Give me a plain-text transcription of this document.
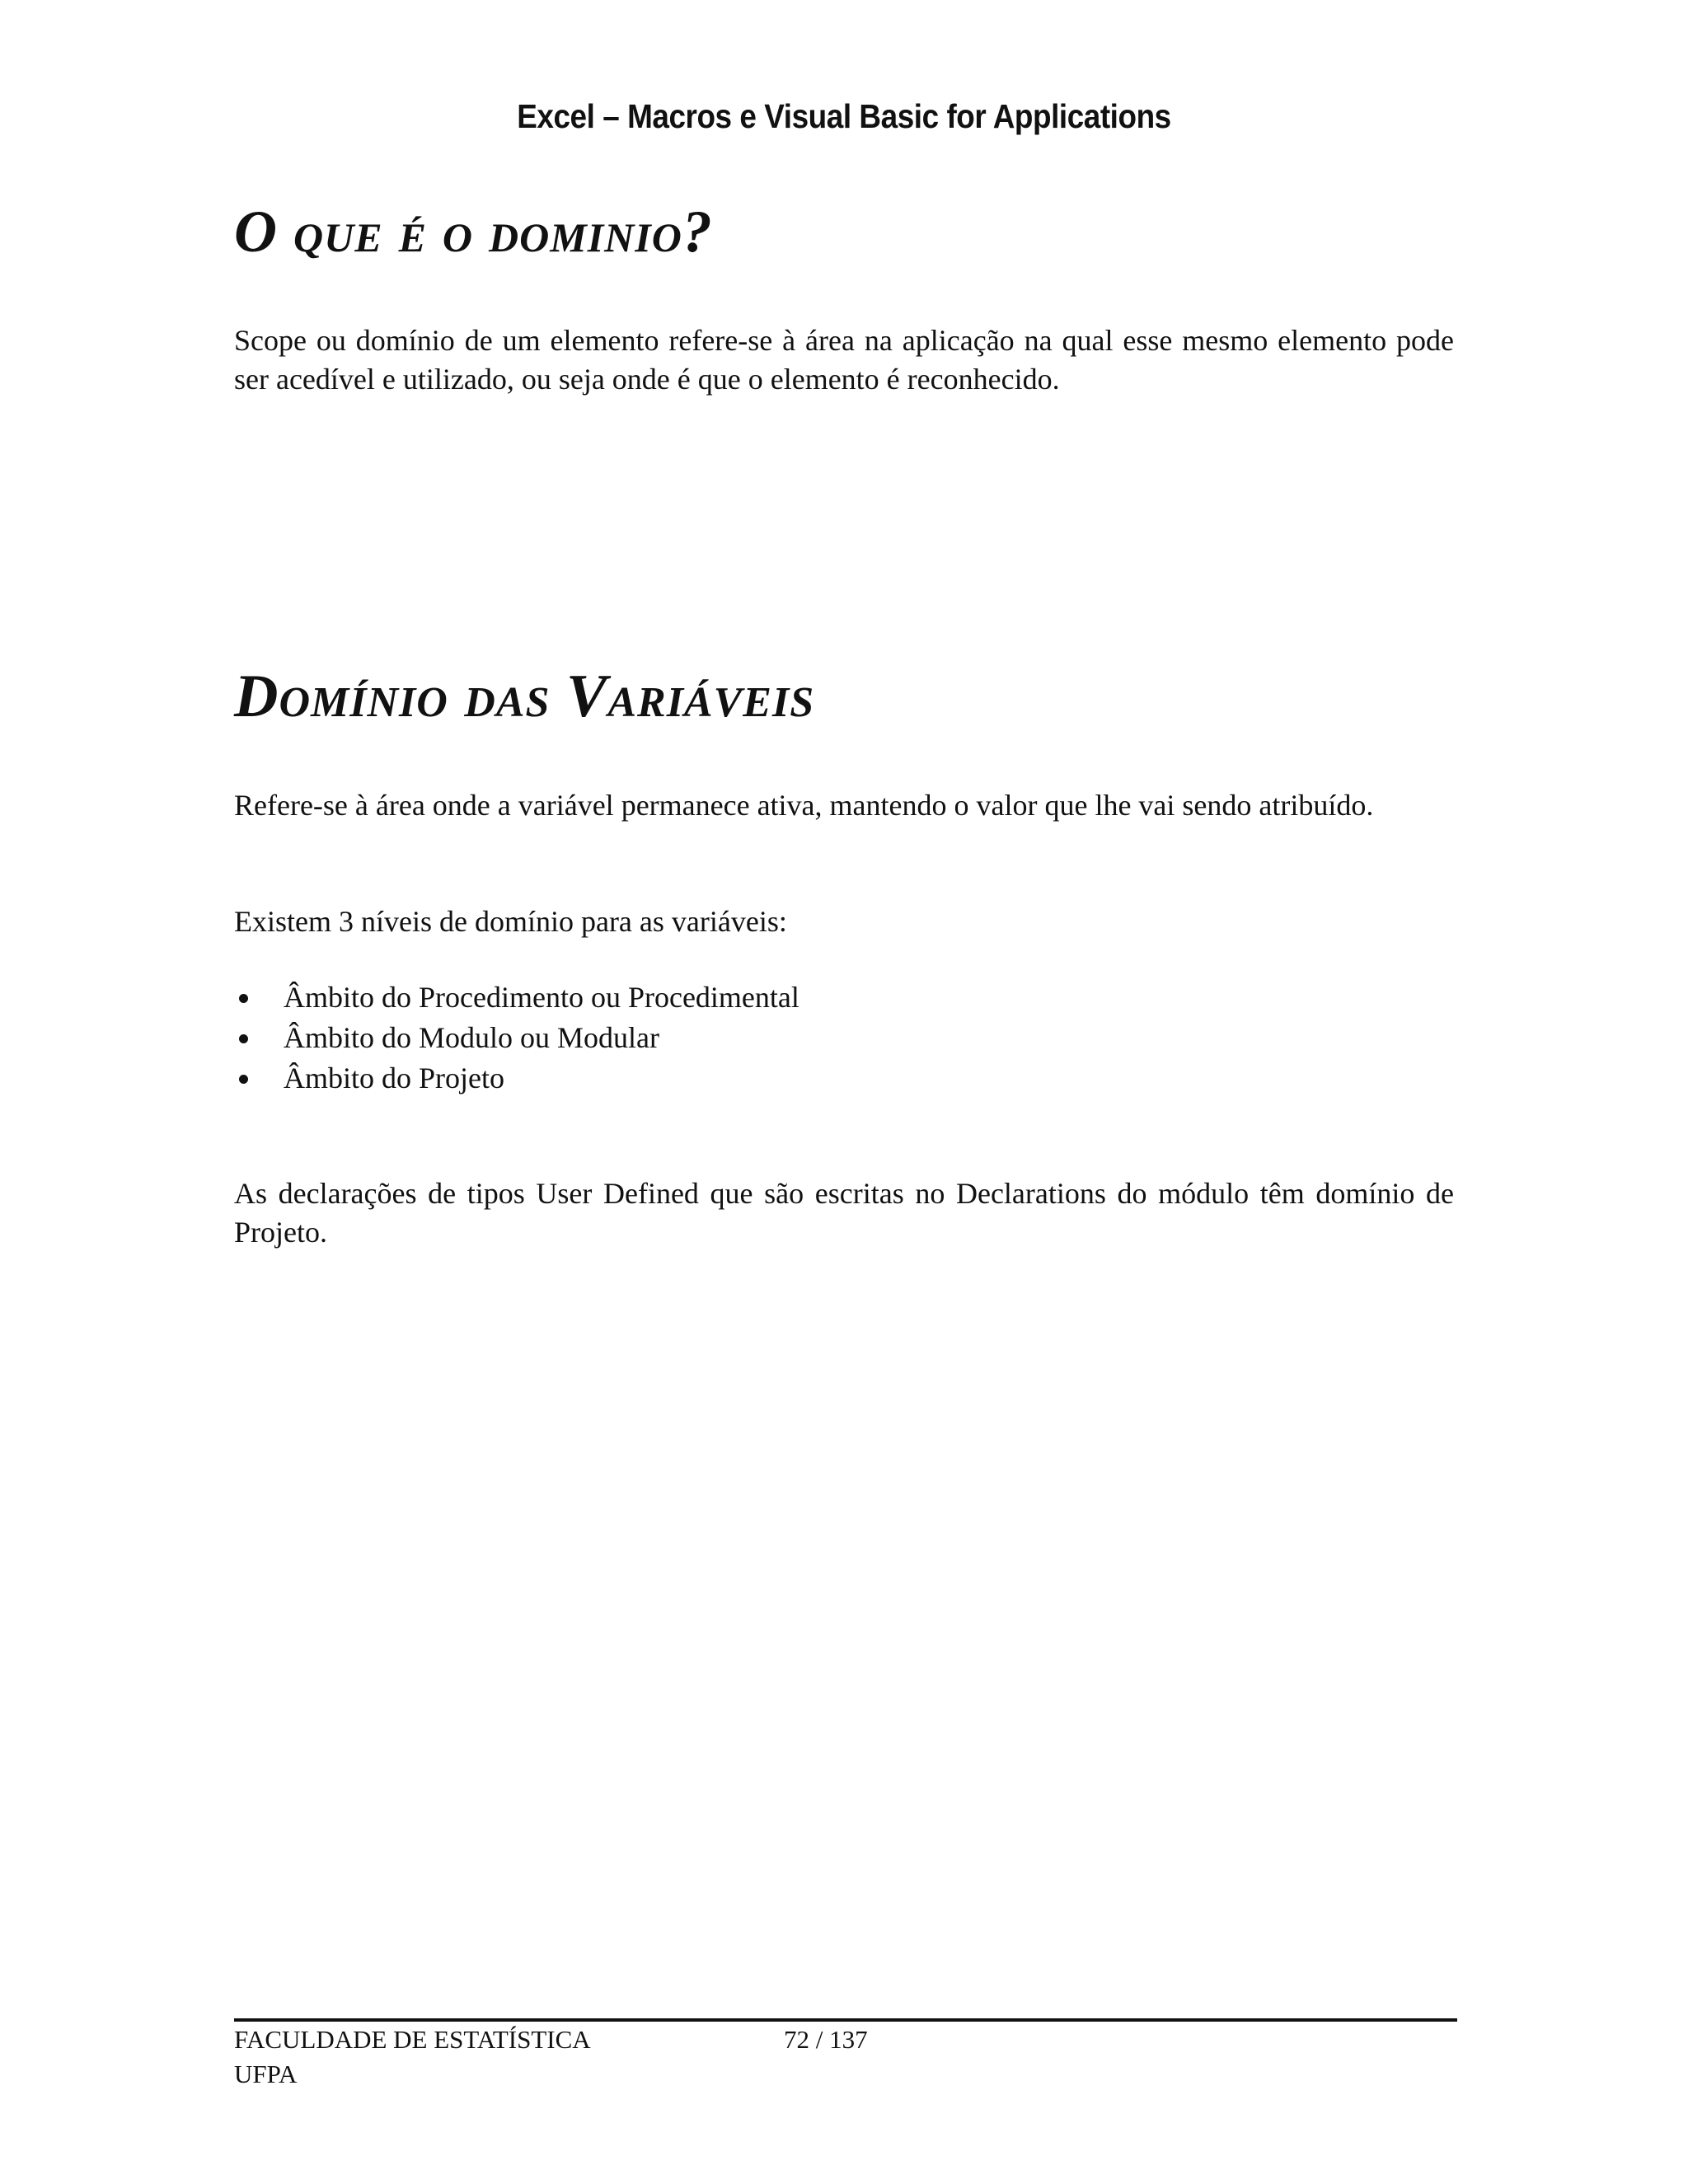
Excel – Macros e Visual Basic for Applications
O que é o dominio?

Scope ou domínio de um elemento refere-se à área na aplicação na qual esse mesmo elemento pode ser acedível e utilizado, ou seja onde é que o elemento é reconhecido.

Domínio das Variáveis

Refere-se à área onde a variável permanece ativa, mantendo o valor que lhe vai sendo atribuído.

Existem 3 níveis de domínio para as variáveis:

Âmbito do Procedimento ou Procedimental
Âmbito do Modulo ou Modular
Âmbito do Projeto

As declarações de tipos User Defined que são escritas no Declarations do módulo têm domínio de Projeto.

FACULDADE DE ESTATÍSTICA
UFPA
72 / 137
